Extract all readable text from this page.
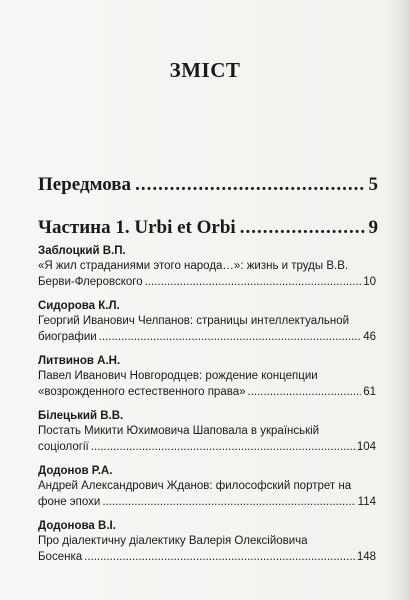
ЗМІСТ
Передмова .....	5
Частина 1. Urbi et Orbi .....	9
Заблоцкий В.П.
«Я жил страданиями этого народа…»: жизнь и труды В.В.
Берви-Флеровского .....	10
Сидорова К.Л.
Георгий Иванович Челпанов: страницы интеллектуальной
биографии .....	46
Литвинов А.Н.
Павел Иванович Новгородцев: рождение концепции
«возрожденного естественного права» .....	61
Білецький В.В.
Постать Микити Юхимовича Шаповала в українській
соціології .....	104
Додонов Р.А.
Андрей Александрович Жданов: философский портрет на
фоне эпохи .....	114
Додонова В.І.
Про діалектичну діалектику Валерія Олексійовича
Босенка .....	148
